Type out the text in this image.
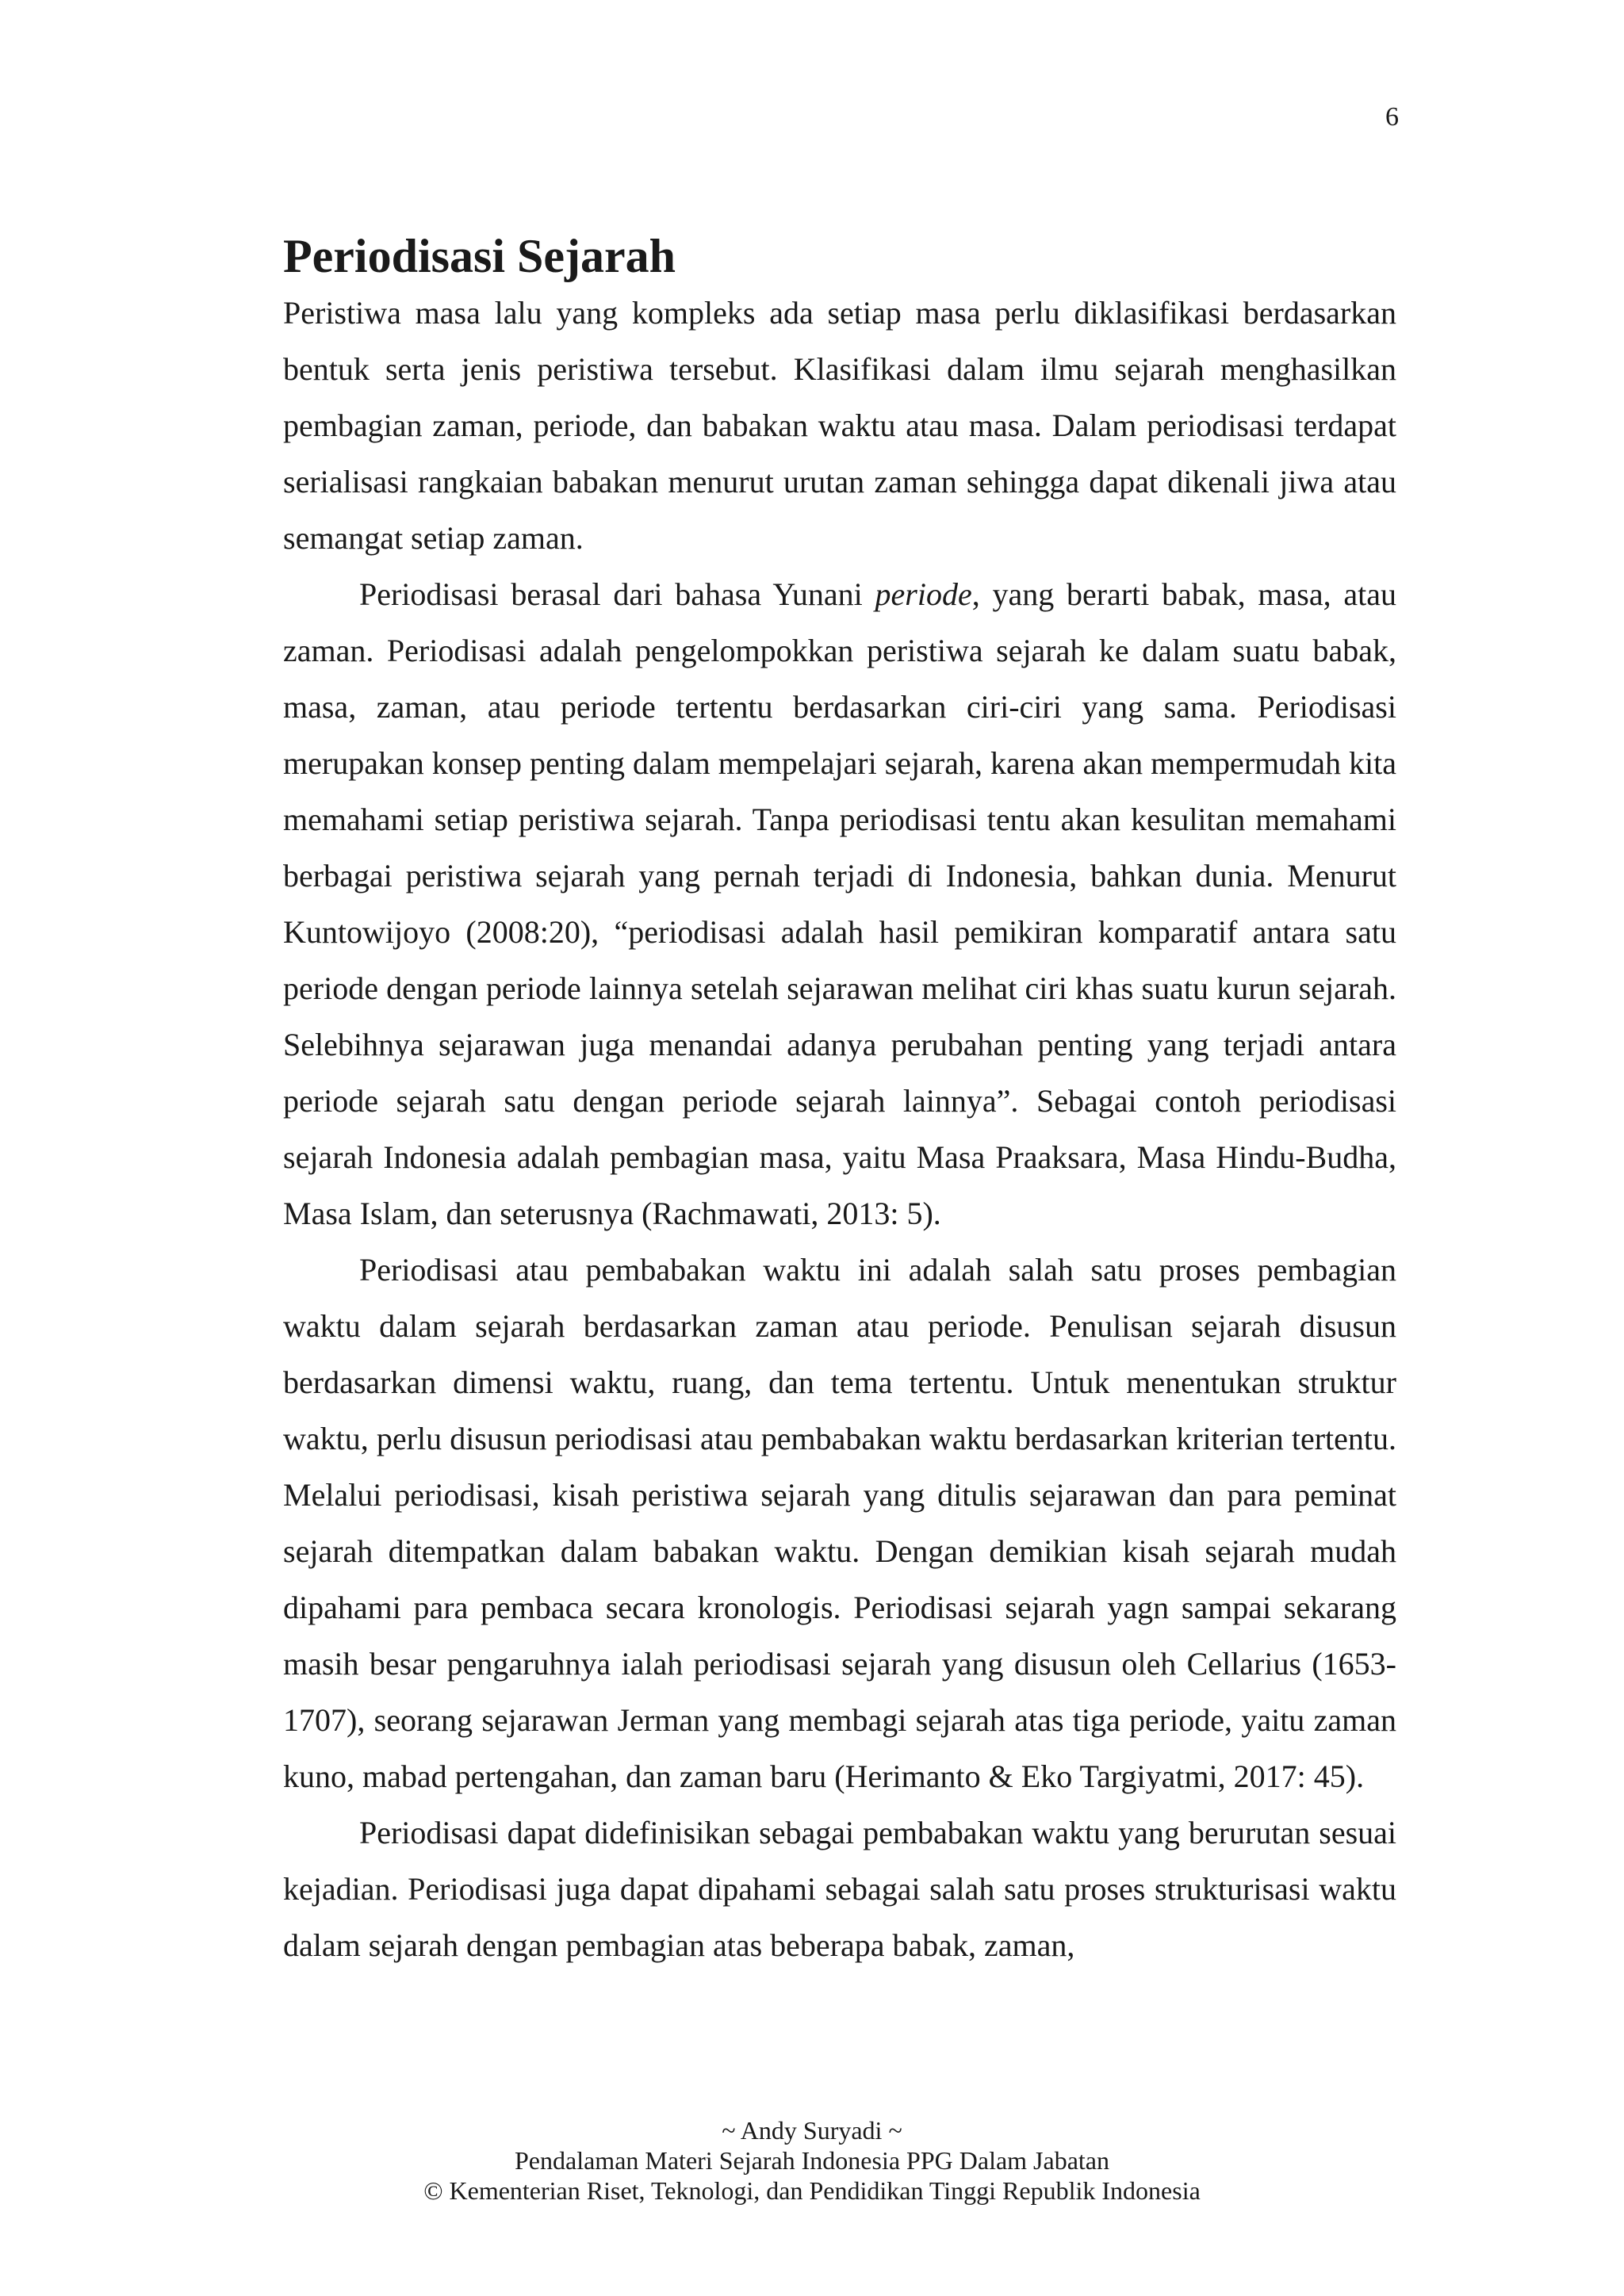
6
Periodisasi Sejarah

Peristiwa masa lalu yang kompleks ada setiap masa perlu diklasifikasi berdasarkan bentuk serta jenis peristiwa tersebut. Klasifikasi dalam ilmu sejarah menghasilkan pembagian zaman, periode, dan babakan waktu atau masa. Dalam periodisasi terdapat serialisasi rangkaian babakan menurut urutan zaman sehingga dapat dikenali jiwa atau semangat setiap zaman.

Periodisasi berasal dari bahasa Yunani periode, yang berarti babak, masa, atau zaman. Periodisasi adalah pengelompokkan peristiwa sejarah ke dalam suatu babak, masa, zaman, atau periode tertentu berdasarkan ciri-ciri yang sama. Periodisasi merupakan konsep penting dalam mempelajari sejarah, karena akan mempermudah kita memahami setiap peristiwa sejarah. Tanpa periodisasi tentu akan kesulitan memahami berbagai peristiwa sejarah yang pernah terjadi di Indonesia, bahkan dunia. Menurut Kuntowijoyo (2008:20), “periodisasi adalah hasil pemikiran komparatif antara satu periode dengan periode lainnya setelah sejarawan melihat ciri khas suatu kurun sejarah. Selebihnya sejarawan juga menandai adanya perubahan penting yang terjadi antara periode sejarah satu dengan periode sejarah lainnya”. Sebagai contoh periodisasi sejarah Indonesia adalah pembagian masa, yaitu Masa Praaksara, Masa Hindu-Budha, Masa Islam, dan seterusnya (Rachmawati, 2013: 5).

Periodisasi atau pembabakan waktu ini adalah salah satu proses pembagian waktu dalam sejarah berdasarkan zaman atau periode. Penulisan sejarah disusun berdasarkan dimensi waktu, ruang, dan tema tertentu. Untuk menentukan struktur waktu, perlu disusun periodisasi atau pembabakan waktu berdasarkan kriterian tertentu. Melalui periodisasi, kisah peristiwa sejarah yang ditulis sejarawan dan para peminat sejarah ditempatkan dalam babakan waktu. Dengan demikian kisah sejarah mudah dipahami para pembaca secara kronologis. Periodisasi sejarah yagn sampai sekarang masih besar pengaruhnya ialah periodisasi sejarah yang disusun oleh Cellarius (1653-1707), seorang sejarawan Jerman yang membagi sejarah atas tiga periode, yaitu zaman kuno, mabad pertengahan, dan zaman baru (Herimanto & Eko Targiyatmi, 2017: 45).

Periodisasi dapat didefinisikan sebagai pembabakan waktu yang berurutan sesuai kejadian. Periodisasi juga dapat dipahami sebagai salah satu proses strukturisasi waktu dalam sejarah dengan pembagian atas beberapa babak, zaman,

~ Andy Suryadi ~
Pendalaman Materi Sejarah Indonesia PPG Dalam Jabatan
© Kementerian Riset, Teknologi, dan Pendidikan Tinggi Republik Indonesia
